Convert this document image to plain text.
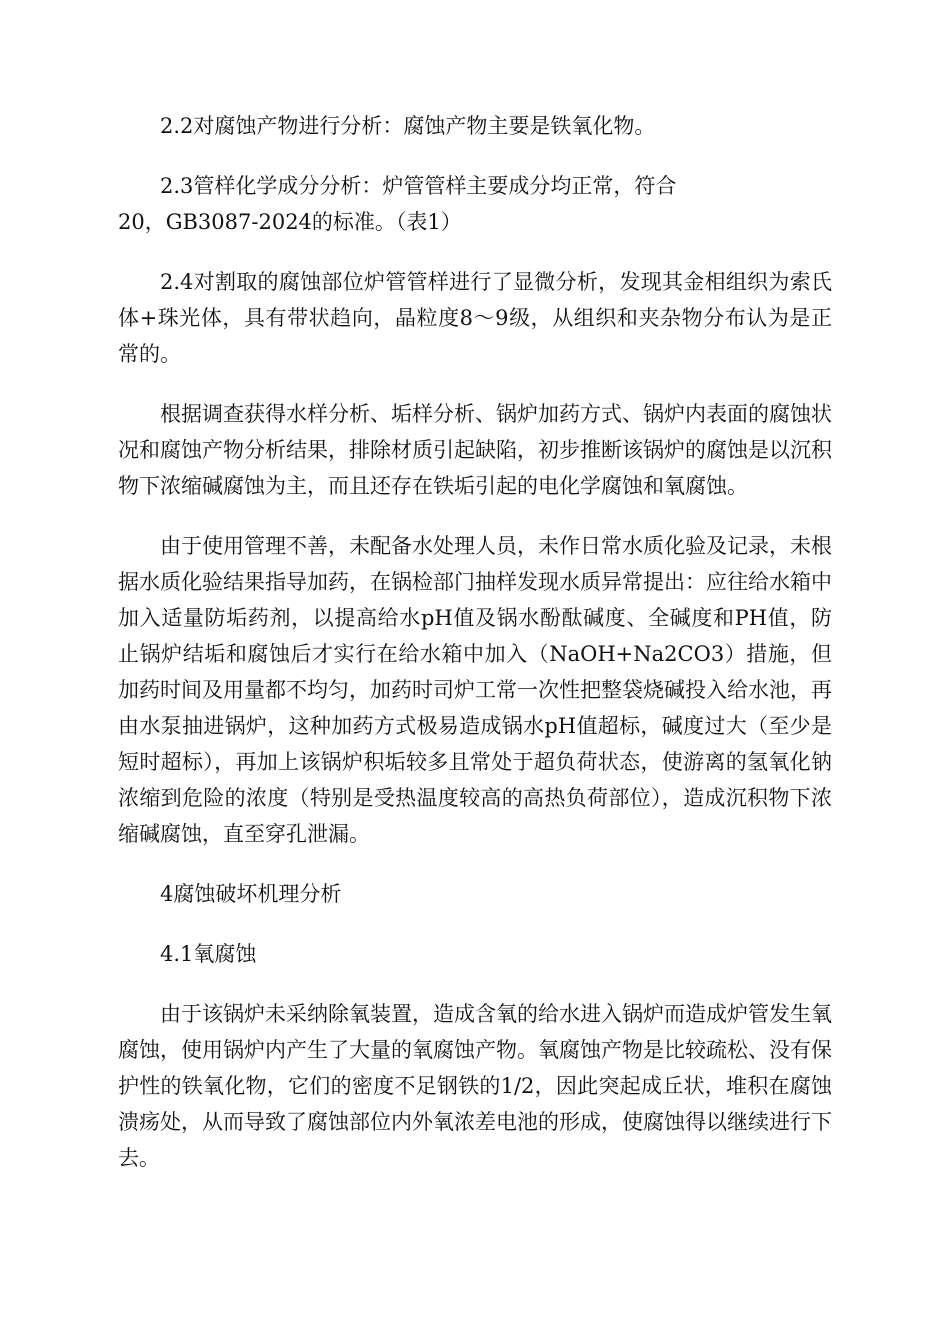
2.2对腐蚀产物进行分析：腐蚀产物主要是铁氧化物。

2.3管样化学成分分析：炉管管样主要成分均正常，符合
20，GB3087-2024的标准。（表1）

2.4对割取的腐蚀部位炉管管样进行了显微分析，发现其金相组织为索氏体+珠光体，具有带状趋向，晶粒度8～9级，从组织和夹杂物分布认为是正常的。

根据调查获得水样分析、垢样分析、锅炉加药方式、锅炉内表面的腐蚀状况和腐蚀产物分析结果，排除材质引起缺陷，初步推断该锅炉的腐蚀是以沉积物下浓缩碱腐蚀为主，而且还存在铁垢引起的电化学腐蚀和氧腐蚀。

由于使用管理不善，未配备水处理人员，未作日常水质化验及记录，未根据水质化验结果指导加药，在锅检部门抽样发现水质异常提出：应往给水箱中加入适量防垢药剂，以提高给水pH值及锅水酚酞碱度、全碱度和PH值，防止锅炉结垢和腐蚀后才实行在给水箱中加入（NaOH+Na2CO3）措施，但加药时间及用量都不均匀，加药时司炉工常一次性把整袋烧碱投入给水池，再由水泵抽进锅炉，这种加药方式极易造成锅水pH值超标，碱度过大（至少是短时超标），再加上该锅炉积垢较多且常处于超负荷状态，使游离的氢氧化钠浓缩到危险的浓度（特别是受热温度较高的高热负荷部位），造成沉积物下浓缩碱腐蚀，直至穿孔泄漏。

4腐蚀破坏机理分析

4.1氧腐蚀

由于该锅炉未采纳除氧装置，造成含氧的给水进入锅炉而造成炉管发生氧腐蚀，使用锅炉内产生了大量的氧腐蚀产物。氧腐蚀产物是比较疏松、没有保护性的铁氧化物，它们的密度不足钢铁的1/2，因此突起成丘状，堆积在腐蚀溃疡处，从而导致了腐蚀部位内外氧浓差电池的形成，使腐蚀得以继续进行下去。
